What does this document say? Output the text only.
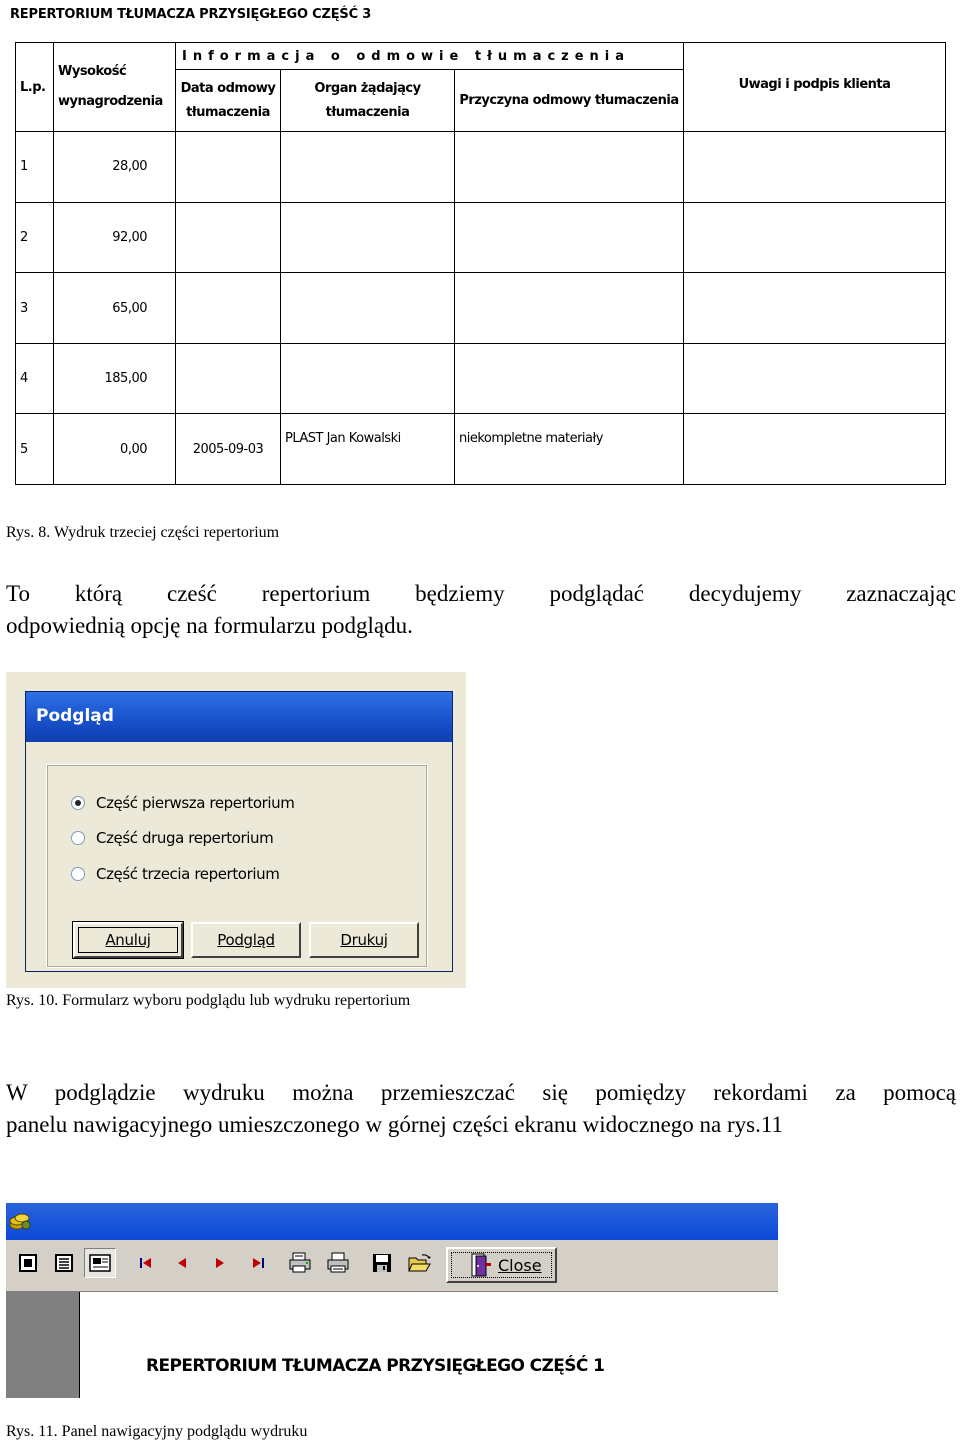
REPERTORIUM TŁUMACZA PRZYSIĘGŁEGO CZĘŚĆ 3
L.p.	Wysokość wynagrodzenia	Informacja o odmowie tłumaczenia			Uwagi i podpis klienta
		Data odmowy tłumaczenia	Organ żądający tłumaczenia	Przyczyna odmowy tłumaczenia	
1	28,00				
2	92,00				
3	65,00				
4	185,00				
5	0,00	2005-09-03	PLAST Jan Kowalski	niekompletne materiały	
Rys. 8. Wydruk trzeciej części repertorium
To którą cześć repertorium będziemy podglądać decydujemy zaznaczając
odpowiednią opcję na formularzu podglądu.
Podgląd
Część pierwsza repertorium
Część druga repertorium
Część trzecia repertorium
Anuluj	Podgląd	Drukuj
Rys. 10. Formularz wyboru podglądu lub wydruku repertorium
W podglądzie wydruku można przemieszczać się pomiędzy rekordami za pomocą
panelu nawigacyjnego umieszczonego w górnej części ekranu widocznego na rys.11
Close
REPERTORIUM TŁUMACZA PRZYSIĘGŁEGO CZĘŚĆ 1
Rys. 11. Panel nawigacyjny podglądu wydruku
